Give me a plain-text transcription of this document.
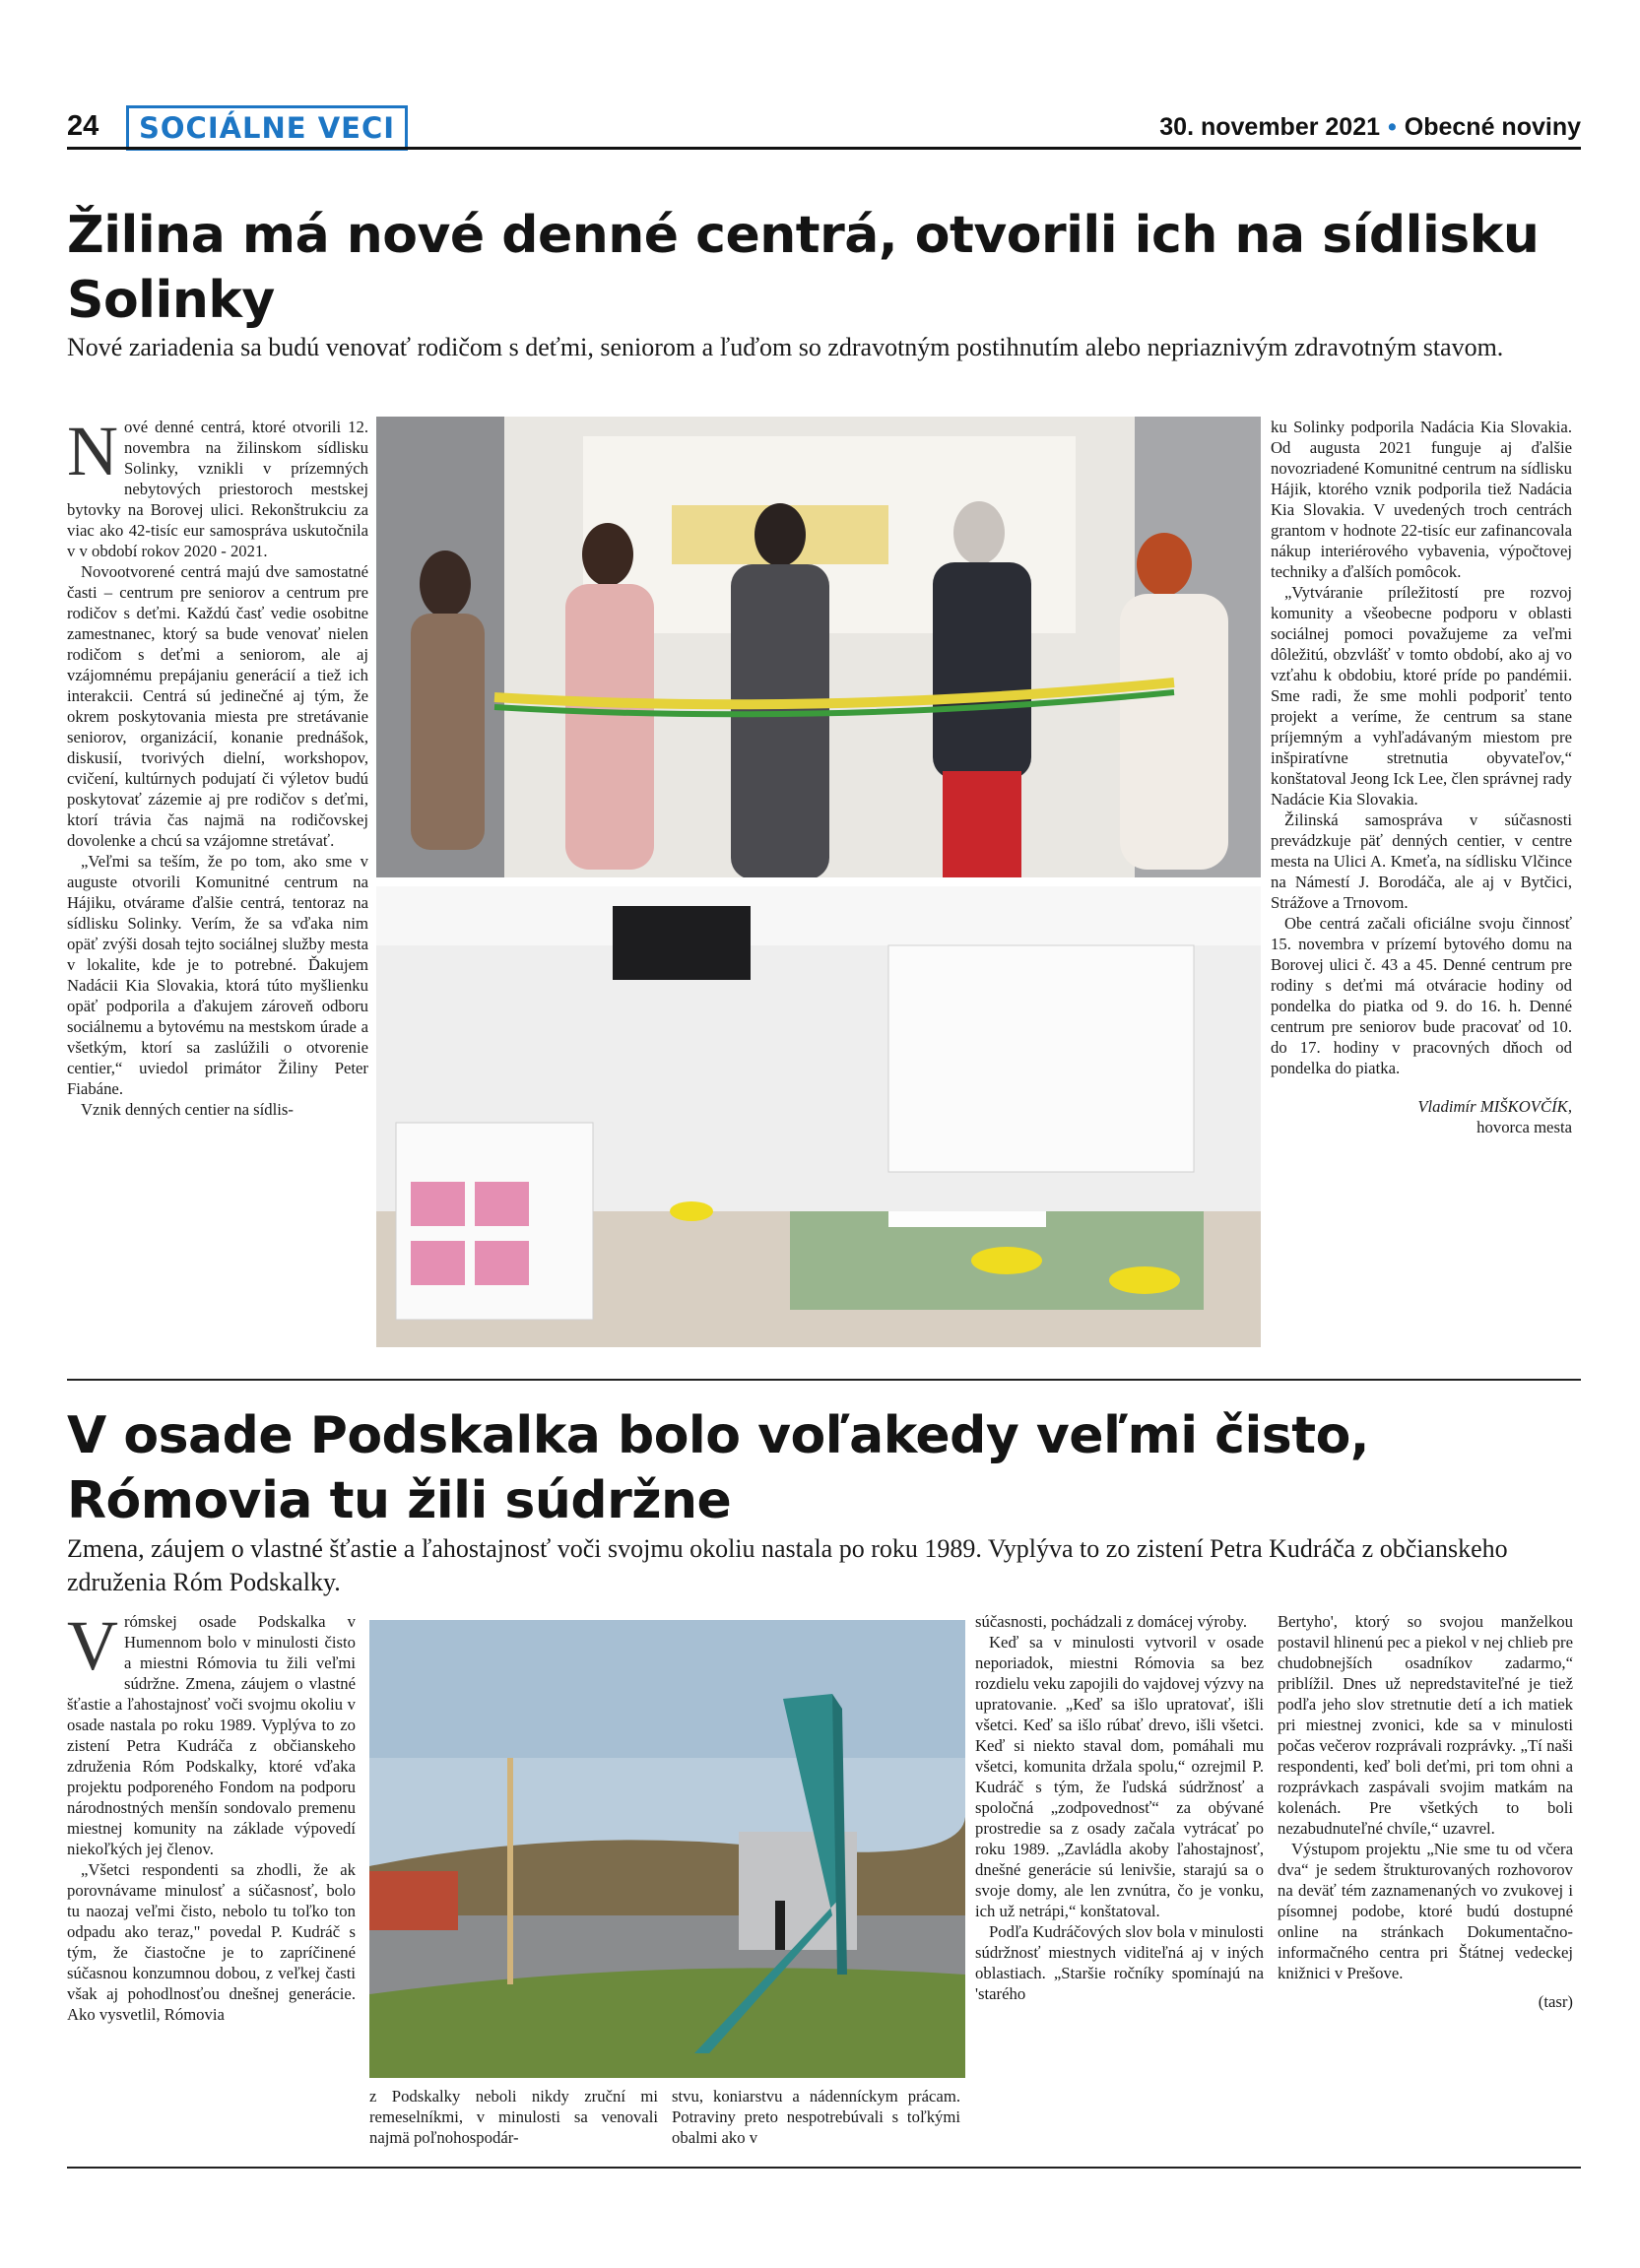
24	SOCIÁLNE VECI	30. november 2021 • Obecné noviny
Žilina má nové denné centrá, otvorili ich na sídlisku Solinky

Nové zariadenia sa budú venovať rodičom s deťmi, seniorom a ľuďom so zdravotným postihnutím alebo nepriaznivým zdravotným stavom.

Nové denné centrá, ktoré otvorili 12. novembra na žilinskom sídlisku Solinky, vznikli v prízemných nebytových priestoroch mestskej bytovky na Borovej ulici. Rekonštrukciu za viac ako 42-tisíc eur samospráva uskutočnila v v období rokov 2020 - 2021.

Novootvorené centrá majú dve samostatné časti – centrum pre seniorov a centrum pre rodičov s deťmi. Každú časť vedie osobitne zamestnanec, ktorý sa bude venovať nielen rodičom s deťmi a seniorom, ale aj vzájomnému prepájaniu generácií a tiež ich interakcii. Centrá sú jedinečné aj tým, že okrem poskytovania miesta pre stretávanie seniorov, organizácií, konanie prednášok, diskusií, tvorivých dielní, workshopov, cvičení, kultúrnych podujatí či výletov budú poskytovať zázemie aj pre rodičov s deťmi, ktorí trávia čas najmä na rodičovskej dovolenke a chcú sa vzájomne stretávať.

„Veľmi sa teším, že po tom, ako sme v auguste otvorili Komunitné centrum na Hájiku, otvárame ďalšie centrá, tentoraz na sídlisku Solinky. Verím, že sa vďaka nim opäť zvýši dosah tejto sociálnej služby mesta v lokalite, kde je to potrebné. Ďakujem Nadácii Kia Slovakia, ktorá túto myšlienku opäť podporila a ďakujem zároveň odboru sociálnemu a bytovému na mestskom úrade a všetkým, ktorí sa zaslúžili o otvorenie centier,“ uviedol primátor Žiliny Peter Fiabáne.

Vznik denných centier na sídlis-

ku Solinky podporila Nadácia Kia Slovakia. Od augusta 2021 funguje aj ďalšie novozriadené Komunitné centrum na sídlisku Hájik, ktorého vznik podporila tiež Nadácia Kia Slovakia. V uvedených troch centrách grantom v hodnote 22-tisíc eur zafinancovala nákup interiérového vybavenia, výpočtovej techniky a ďalších pomôcok.

„Vytváranie príležitostí pre rozvoj komunity a všeobecne podporu v oblasti sociálnej pomoci považujeme za veľmi dôležitú, obzvlášť v tomto období, ako aj vo vzťahu k obdobiu, ktoré príde po pandémii. Sme radi, že sme mohli podporiť tento projekt a veríme, že centrum sa stane príjemným a vyhľadávaným miestom pre inšpiratívne stretnutia obyvateľov,“ konštatoval Jeong Ick Lee, člen správnej rady Nadácie Kia Slovakia.

Žilinská samospráva v súčasnosti prevádzkuje päť denných centier, v centre mesta na Ulici A. Kmeťa, na sídlisku Vlčince na Námestí J. Borodáča, ale aj v Bytčici, Strážove a Trnovom.

Obe centrá začali oficiálne svoju činnosť 15. novembra v prízemí bytového domu na Borovej ulici č. 43 a 45. Denné centrum pre rodiny s deťmi má otváracie hodiny od pondelka do piatka od 9. do 16. h. Denné centrum pre seniorov bude pracovať od 10. do 17. hodiny v pracovných dňoch od pondelka do piatka.

Vladimír MIŠKOVČÍK,
hovorca mesta
V osade Podskalka bolo voľakedy veľmi čisto, Rómovia tu žili súdržne

Zmena, záujem o vlastné šťastie a ľahostajnosť voči svojmu okoliu nastala po roku 1989. Vyplýva to zo zistení Petra Kudráča z občianskeho združenia Róm Podskalky.

Vrómskej osade Podskalka v Humennom bolo v minulosti čisto a miestni Rómovia tu žili veľmi súdržne. Zmena, záujem o vlastné šťastie a ľahostajnosť voči svojmu okoliu v osade nastala po roku 1989. Vyplýva to zo zistení Petra Kudráča z občianskeho združenia Róm Podskalky, ktoré vďaka projektu podporeného Fondom na podporu národnostných menšín sondovalo premenu miestnej komunity na základe výpovedí niekoľkých jej členov.

„Všetci respondenti sa zhodli, že ak porovnávame minulosť a súčasnosť, bolo tu naozaj veľmi čisto, nebolo tu toľko ton odpadu ako teraz," povedal P. Kudráč s tým, že čiastočne je to zapríčinené súčasnou konzumnou dobou, z veľkej časti však aj pohodlnosťou dnešnej generácie. Ako vysvetlil, Rómovia

z Podskalky neboli nikdy zruční mi remeselníkmi, v minulosti sa venovali najmä poľnohospodár-

stvu, koniarstvu a nádenníckym prácam. Potraviny preto nespotrebúvali s toľkými obalmi ako v

súčasnosti, pochádzali z domácej výroby.

Keď sa v minulosti vytvoril v osade neporiadok, miestni Rómovia sa bez rozdielu veku zapojili do vajdovej výzvy na upratovanie. „Keď sa išlo upratovať, išli všetci. Keď sa išlo rúbať drevo, išli všetci. Keď si niekto staval dom, pomáhali mu všetci, komunita držala spolu,“ ozrejmil P. Kudráč s tým, že ľudská súdržnosť a spoločná „zodpovednosť“ za obývané prostredie sa z osady začala vytrácať po roku 1989. „Zavládla akoby ľahostajnosť, dnešné generácie sú lenivšie, starajú sa o svoje domy, ale len zvnútra, čo je vonku, ich už netrápi,“ konštatoval.

Podľa Kudráčových slov bola v minulosti súdržnosť miestnych viditeľná aj v iných oblastiach. „Staršie ročníky spomínajú na 'starého

Bertyho', ktorý so svojou manželkou postavil hlinenú pec a piekol v nej chlieb pre chudobnejších osadníkov zadarmo,“ priblížil. Dnes už nepredstaviteľné je tiež podľa jeho slov stretnutie detí a ich matiek pri miestnej zvonici, kde sa v minulosti počas večerov rozprávali rozprávky. „Tí naši respondenti, keď boli deťmi, pri tom ohni a rozprávkach zaspávali svojim matkám na kolenách. Pre všetkých to boli nezabudnuteľné chvíle,“ uzavrel.

Výstupom projektu „Nie sme tu od včera dva“ je sedem štrukturovaných rozhovorov na deväť tém zaznamenaných vo zvukovej i písomnej podobe, ktoré budú dostupné online na stránkach Dokumentačno-informačného centra pri Štátnej vedeckej knižnici v Prešove.

(tasr)
